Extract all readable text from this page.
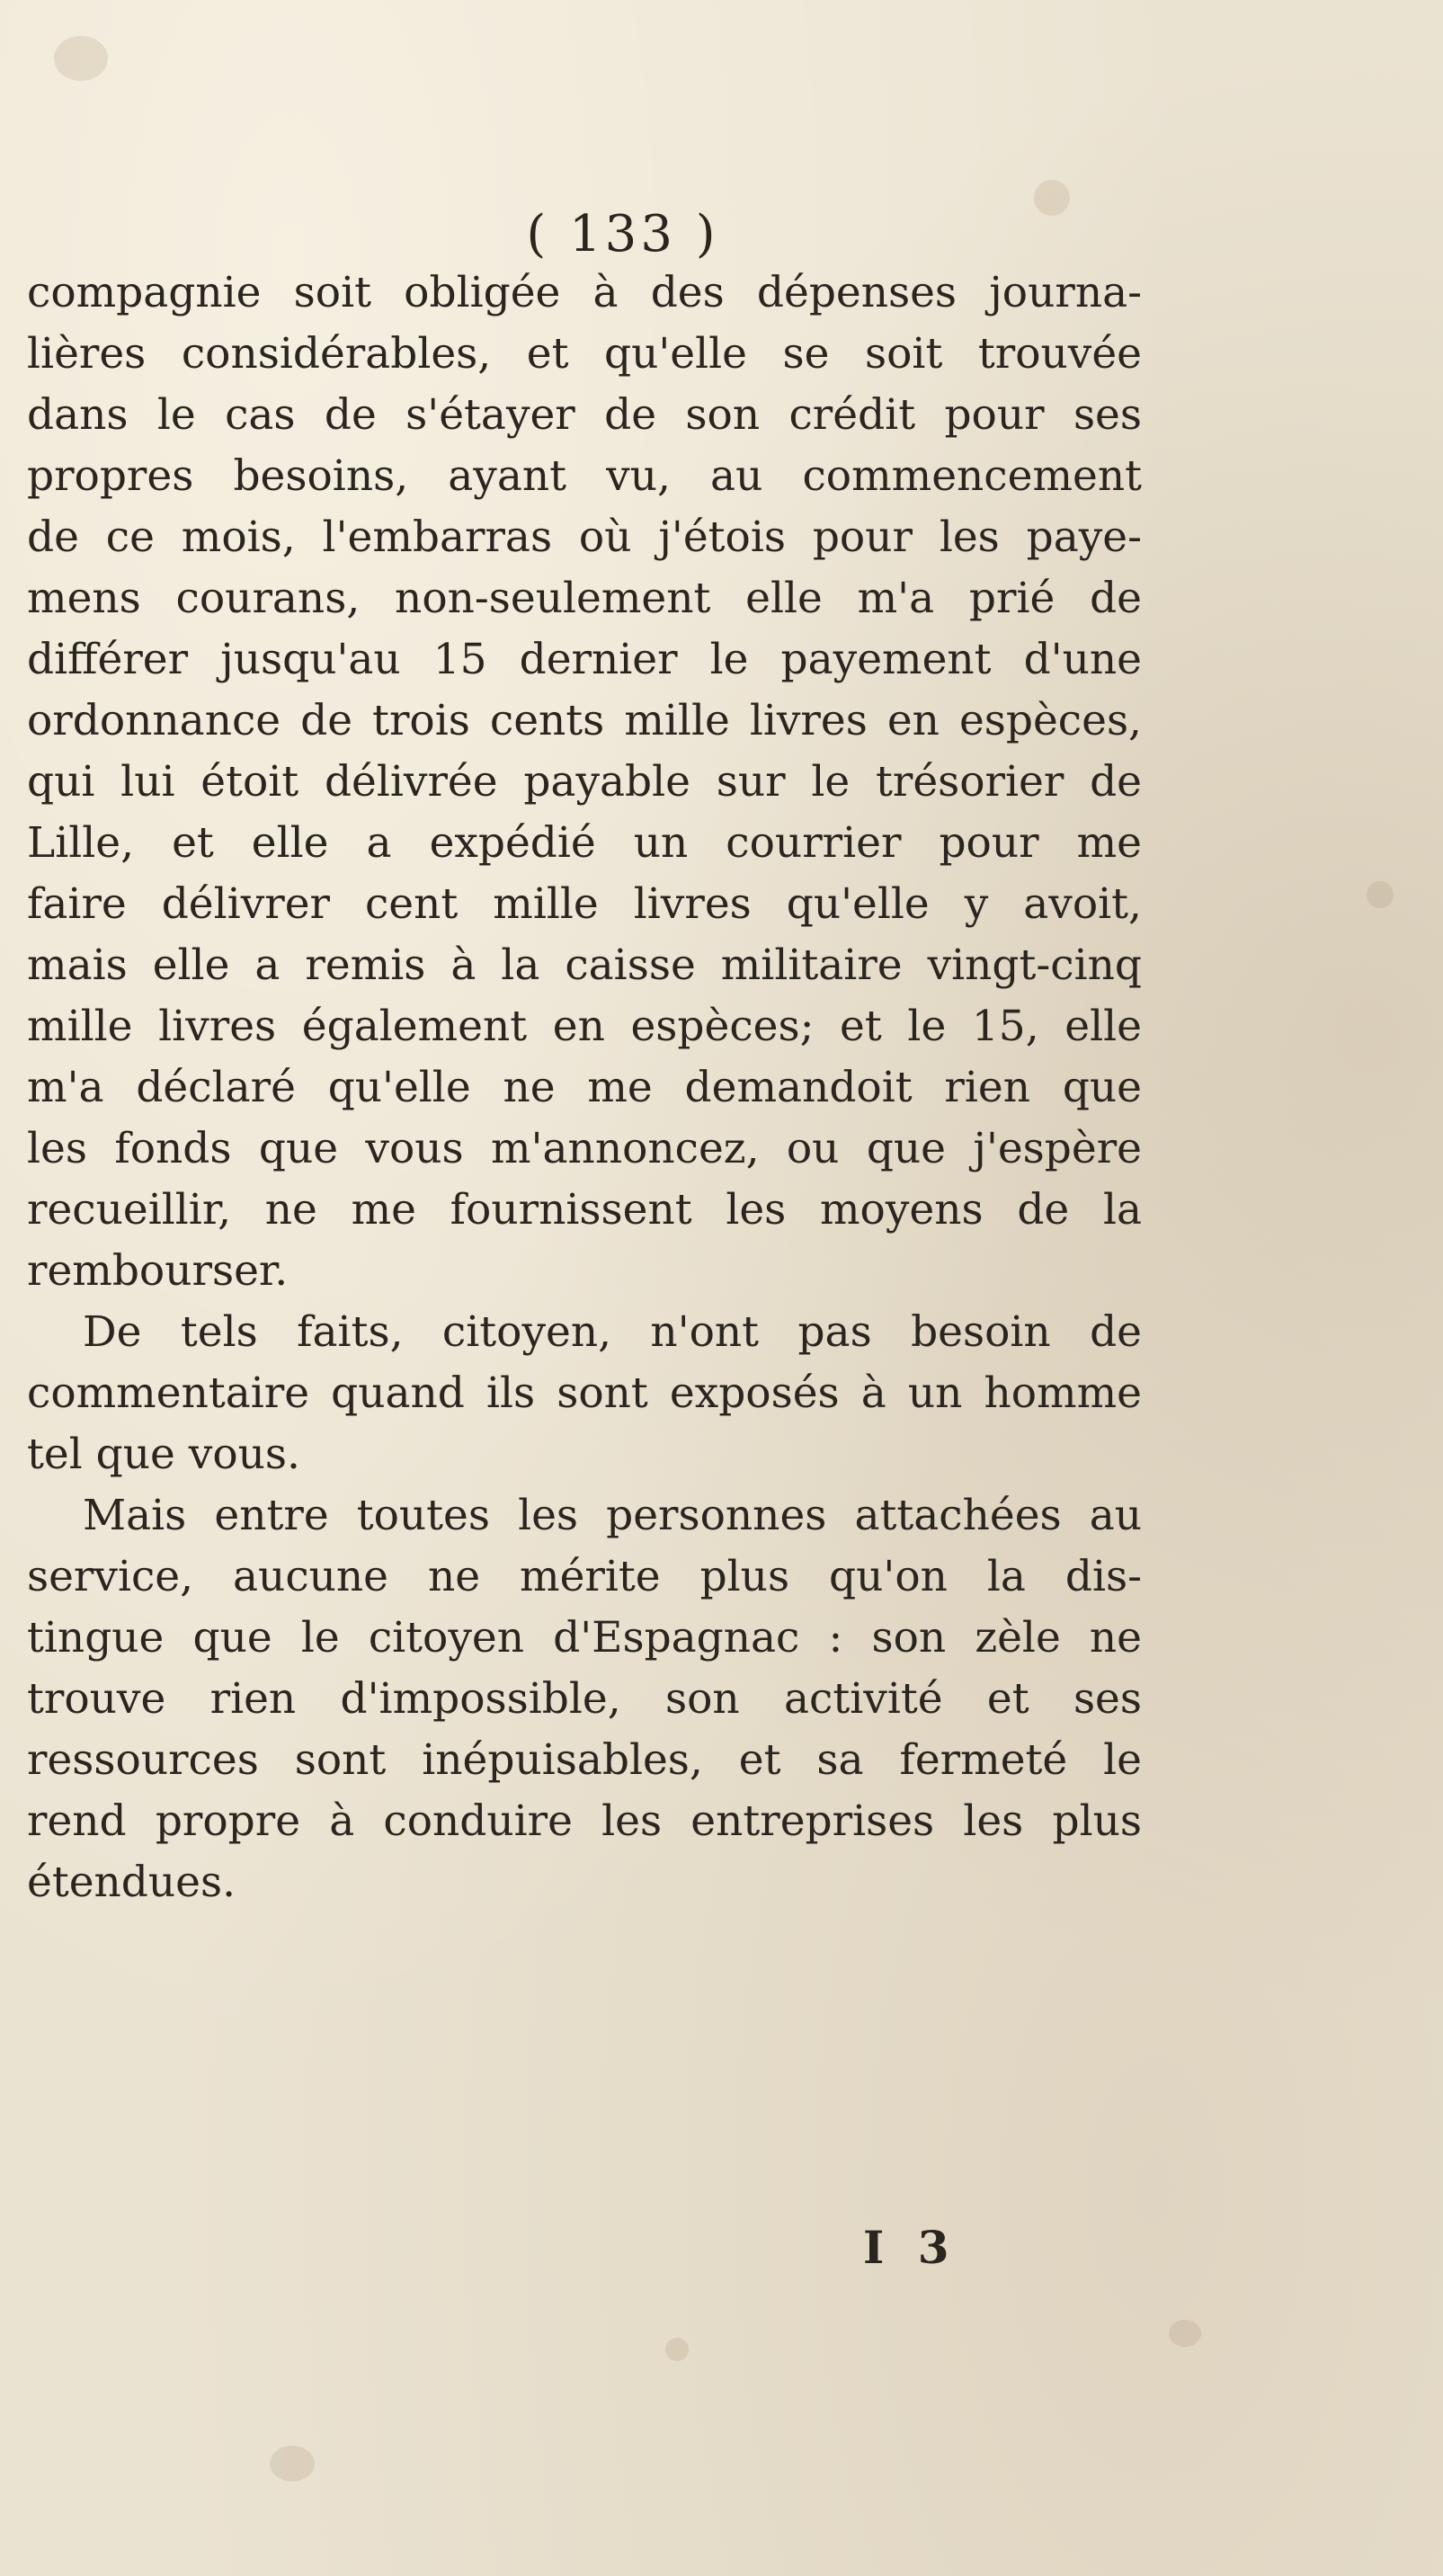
( 133 )
compagnie soit obligée à des dépenses journa-
lières considérables, et qu'elle se soit trouvée
dans le cas de s'étayer de son crédit pour ses
propres besoins, ayant vu, au commencement
de ce mois, l'embarras où j'étois pour les paye-
mens courans, non-seulement elle m'a prié de
différer jusqu'au 15 dernier le payement d'une
ordonnance de trois cents mille livres en espèces,
qui lui étoit délivrée payable sur le trésorier de
Lille, et elle a expédié un courrier pour me
faire délivrer cent mille livres qu'elle y avoit,
mais elle a remis à la caisse militaire vingt-cinq
mille livres également en espèces; et le 15, elle
m'a déclaré qu'elle ne me demandoit rien que
les fonds que vous m'annoncez, ou que j'espère
recueillir, ne me fournissent les moyens de la
rembourser.
De tels faits, citoyen, n'ont pas besoin de
commentaire quand ils sont exposés à un homme
tel que vous.
Mais entre toutes les personnes attachées au
service, aucune ne mérite plus qu'on la dis-
tingue que le citoyen d'Espagnac : son zèle ne
trouve rien d'impossible, son activité et ses
ressources sont inépuisables, et sa fermeté le
rend propre à conduire les entreprises les plus
étendues.
I 3
